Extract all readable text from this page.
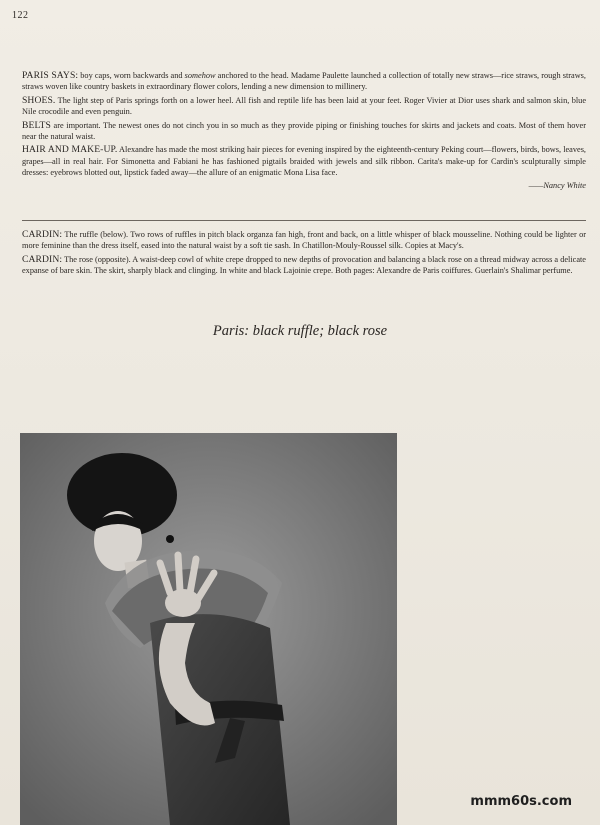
122

PARIS SAYS: boy caps, worn backwards and somehow anchored to the head. Madame Paulette launched a collection of totally new straws—rice straws, rough straws, straws woven like country baskets in extraordinary flower colors, lending a new dimension to millinery.

SHOES. The light step of Paris springs forth on a lower heel. All fish and reptile life has been laid at your feet. Roger Vivier at Dior uses shark and salmon skin, blue Nile crocodile and even penguin.

BELTS are important. The newest ones do not cinch you in so much as they provide piping or finishing touches for skirts and jackets and coats. Most of them hover near the natural waist.

HAIR AND MAKE-UP. Alexandre has made the most striking hair pieces for evening inspired by the eighteenth-century Peking court—flowers, birds, bows, leaves, grapes—all in real hair. For Simonetta and Fabiani he has fashioned pigtails braided with jewels and silk ribbon. Carita's make-up for Cardin's sculpturally simple dresses: eyebrows blotted out, lipstick faded away—the allure of an enigmatic Mona Lisa face.

——Nancy White

CARDIN: The ruffle (below). Two rows of ruffles in pitch black organza fan high, front and back, on a little whisper of black mousseline. Nothing could be lighter or more feminine than the dress itself, eased into the natural waist by a soft tie sash. In Chatillon-Mouly-Roussel silk. Copies at Macy's.

CARDIN: The rose (opposite). A waist-deep cowl of white crepe dropped to new depths of provocation and balancing a black rose on a thread midway across a delicate expanse of bare skin. The skirt, sharply black and clinging. In white and black Lajoinie crepe. Both pages: Alexandre de Paris coiffures. Guerlain's Shalimar perfume.

Paris: black ruffle; black rose
mmm60s.com
